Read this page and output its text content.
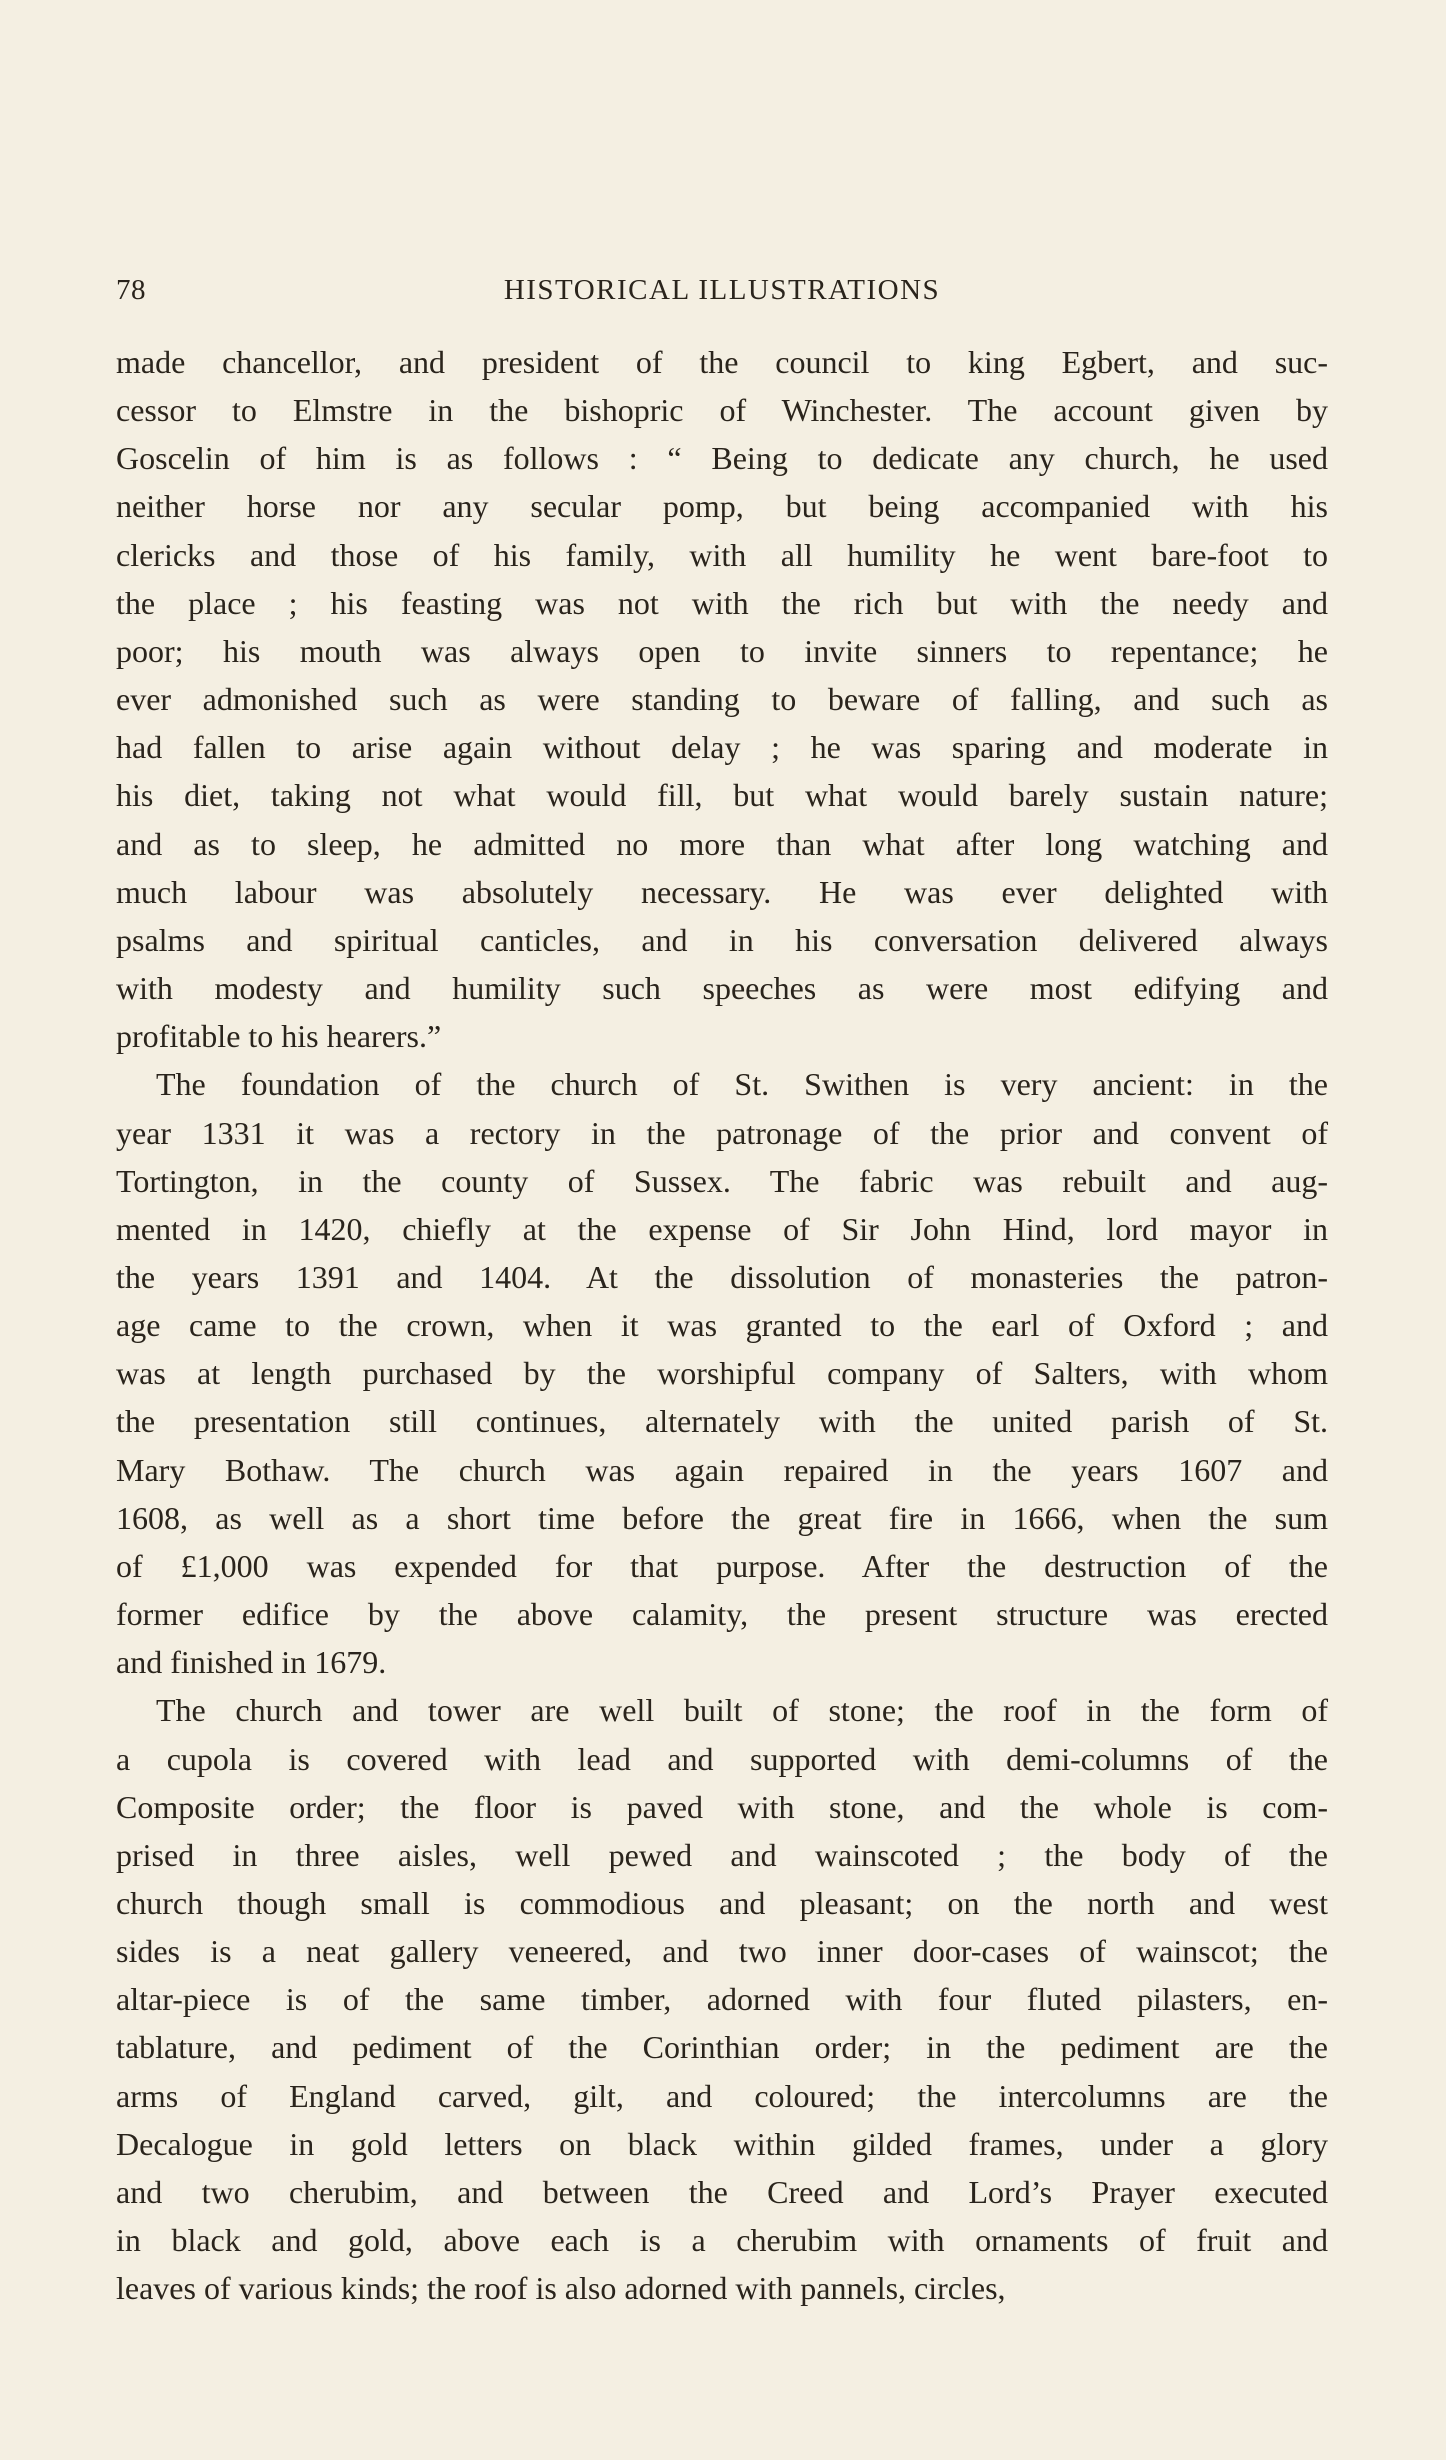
78	HISTORICAL ILLUSTRATIONS

made chancellor, and president of the council to king Egbert, and suc-
cessor to Elmstre in the bishopric of Winchester. The account given by
Goscelin of him is as follows : “ Being to dedicate any church, he used
neither horse nor any secular pomp, but being accompanied with his
clericks and those of his family, with all humility he went bare-foot to
the place ; his feasting was not with the rich but with the needy and
poor; his mouth was always open to invite sinners to repentance; he
ever admonished such as were standing to beware of falling, and such as
had fallen to arise again without delay ; he was sparing and moderate in
his diet, taking not what would fill, but what would barely sustain nature;
and as to sleep, he admitted no more than what after long watching and
much labour was absolutely necessary. He was ever delighted with
psalms and spiritual canticles, and in his conversation delivered always
with modesty and humility such speeches as were most edifying and
profitable to his hearers.”

The foundation of the church of St. Swithen is very ancient: in the
year 1331 it was a rectory in the patronage of the prior and convent of
Tortington, in the county of Sussex. The fabric was rebuilt and aug-
mented in 1420, chiefly at the expense of Sir John Hind, lord mayor in
the years 1391 and 1404. At the dissolution of monasteries the patron-
age came to the crown, when it was granted to the earl of Oxford ; and
was at length purchased by the worshipful company of Salters, with whom
the presentation still continues, alternately with the united parish of St.
Mary Bothaw. The church was again repaired in the years 1607 and
1608, as well as a short time before the great fire in 1666, when the sum
of £1,000 was expended for that purpose. After the destruction of the
former edifice by the above calamity, the present structure was erected
and finished in 1679.

The church and tower are well built of stone; the roof in the form of
a cupola is covered with lead and supported with demi-columns of the
Composite order; the floor is paved with stone, and the whole is com-
prised in three aisles, well pewed and wainscoted ; the body of the
church though small is commodious and pleasant; on the north and west
sides is a neat gallery veneered, and two inner door-cases of wainscot; the
altar-piece is of the same timber, adorned with four fluted pilasters, en-
tablature, and pediment of the Corinthian order; in the pediment are the
arms of England carved, gilt, and coloured; the intercolumns are the
Decalogue in gold letters on black within gilded frames, under a glory
and two cherubim, and between the Creed and Lord’s Prayer executed
in black and gold, above each is a cherubim with ornaments of fruit and
leaves of various kinds; the roof is also adorned with pannels, circles,
